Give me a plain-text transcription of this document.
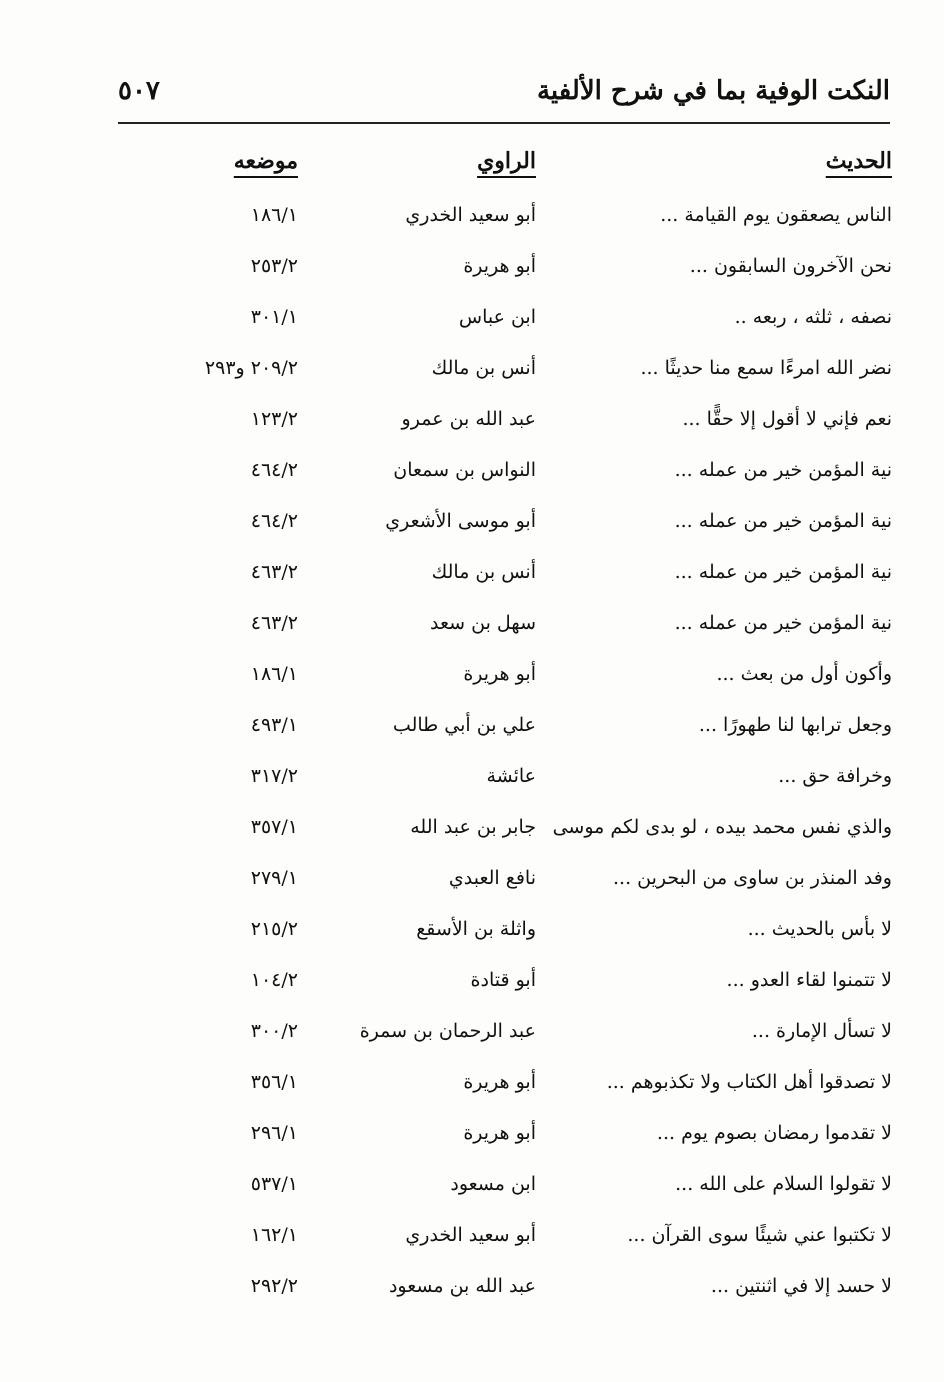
النكت الوفية بما في شرح الألفية
٥٠٧
الحديث
الراوي
موضعه
الناس يصعقون يوم القيامة ...
أبو سعيد الخدري
١٨٦/١
نحن الآخرون السابقون ...
أبو هريرة
٢٥٣/٢
نصفه ، ثلثه ، ربعه ..
ابن عباس
٣٠١/١
نضر الله امرءًا سمع منا حديثًا ...
أنس بن مالك
٢٠٩/٢ و٢٩٣
نعم فإني لا أقول إلا حقًّا ...
عبد الله بن عمرو
١٢٣/٢
نية المؤمن خير من عمله ...
النواس بن سمعان
٤٦٤/٢
نية المؤمن خير من عمله ...
أبو موسى الأشعري
٤٦٤/٢
نية المؤمن خير من عمله ...
أنس بن مالك
٤٦٣/٢
نية المؤمن خير من عمله ...
سهل بن سعد
٤٦٣/٢
وأكون أول من بعث ...
أبو هريرة
١٨٦/١
وجعل ترابها لنا طهورًا ...
علي بن أبي طالب
٤٩٣/١
وخرافة حق ...
عائشة
٣١٧/٢
والذي نفس محمد بيده ، لو بدى لكم موسى
جابر بن عبد الله
٣٥٧/١
وفد المنذر بن ساوى من البحرين ...
نافع العبدي
٢٧٩/١
لا بأس بالحديث ...
واثلة بن الأسقع
٢١٥/٢
لا تتمنوا لقاء العدو ...
أبو قتادة
١٠٤/٢
لا تسأل الإمارة ...
عبد الرحمان بن سمرة
٣٠٠/٢
لا تصدقوا أهل الكتاب ولا تكذبوهم ...
أبو هريرة
٣٥٦/١
لا تقدموا رمضان بصوم يوم ...
أبو هريرة
٢٩٦/١
لا تقولوا السلام على الله ...
ابن مسعود
٥٣٧/١
لا تكتبوا عني شيئًا سوى القرآن ...
أبو سعيد الخدري
١٦٢/١
لا حسد إلا في اثنتين ...
عبد الله بن مسعود
٢٩٢/٢
